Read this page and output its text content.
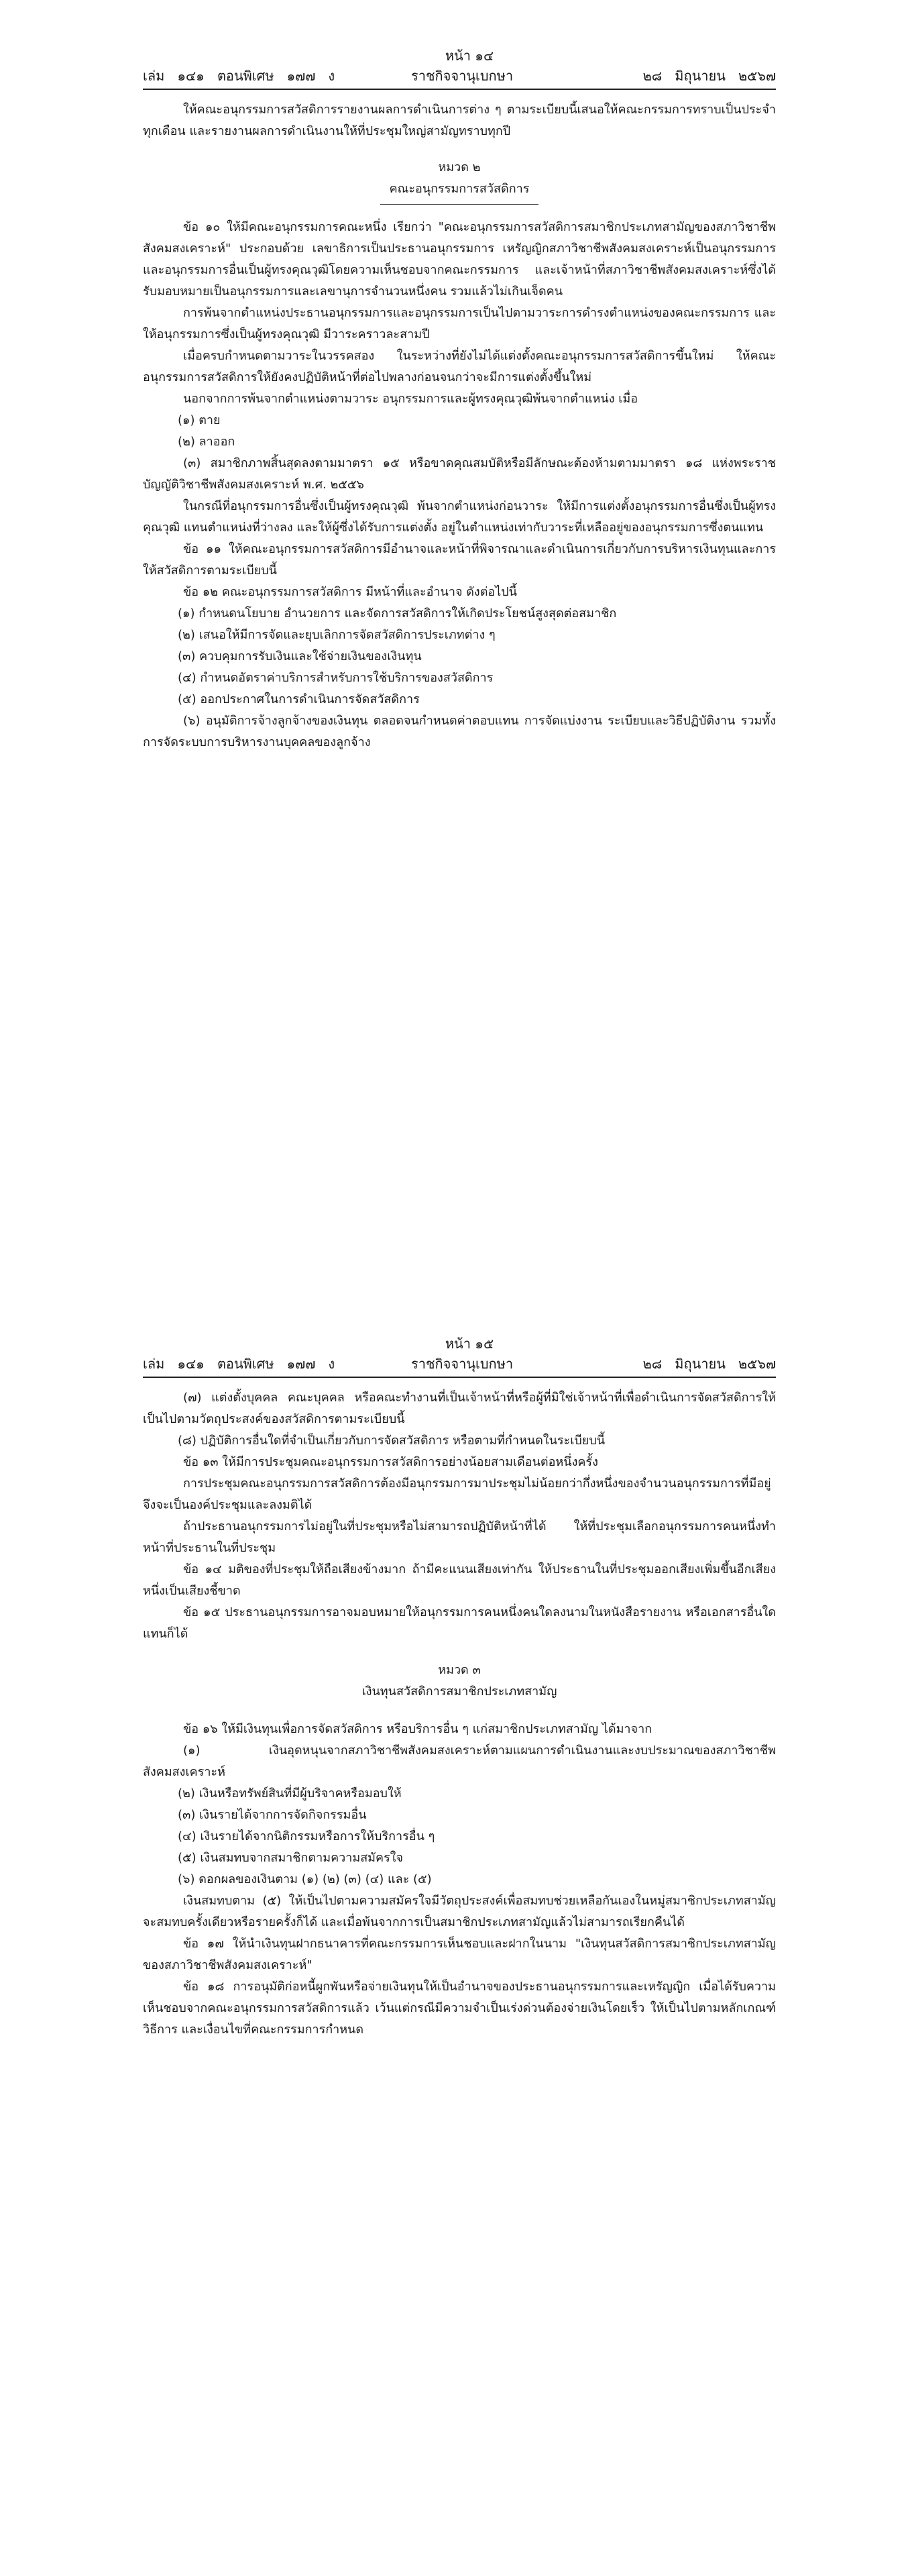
หน้า ๑๔
เล่ม   ๑๔๑   ตอนพิเศษ   ๑๗๗   ง	ราชกิจจานุเบกษา	๒๘   มิถุนายน   ๒๕๖๗

ให้คณะอนุกรรมการสวัสดิการรายงานผลการดำเนินการต่าง ๆ ตามระเบียบนี้เสนอให้คณะกรรมการทราบเป็นประจำทุกเดือน และรายงานผลการดำเนินงานให้ที่ประชุมใหญ่สามัญทราบทุกปี

หมวด ๒
คณะอนุกรรมการสวัสดิการ

ข้อ ๑๐ ให้มีคณะอนุกรรมการคณะหนึ่ง เรียกว่า "คณะอนุกรรมการสวัสดิการสมาชิกประเภทสามัญของสภาวิชาชีพสังคมสงเคราะห์" ประกอบด้วย เลขาธิการเป็นประธานอนุกรรมการ เหรัญญิกสภาวิชาชีพสังคมสงเคราะห์เป็นอนุกรรมการ และอนุกรรมการอื่นเป็นผู้ทรงคุณวุฒิโดยความเห็นชอบจากคณะกรรมการ และเจ้าหน้าที่สภาวิชาชีพสังคมสงเคราะห์ซึ่งได้รับมอบหมายเป็นอนุกรรมการและเลขานุการจำนวนหนึ่งคน รวมแล้วไม่เกินเจ็ดคน

การพ้นจากตำแหน่งประธานอนุกรรมการและอนุกรรมการเป็นไปตามวาระการดำรงตำแหน่งของคณะกรรมการ และให้อนุกรรมการซึ่งเป็นผู้ทรงคุณวุฒิ มีวาระคราวละสามปี

เมื่อครบกำหนดตามวาระในวรรคสอง ในระหว่างที่ยังไม่ได้แต่งตั้งคณะอนุกรรมการสวัสดิการขึ้นใหม่ ให้คณะอนุกรรมการสวัสดิการให้ยังคงปฏิบัติหน้าที่ต่อไปพลางก่อนจนกว่าจะมีการแต่งตั้งขึ้นใหม่

นอกจากการพ้นจากตำแหน่งตามวาระ อนุกรรมการและผู้ทรงคุณวุฒิพ้นจากตำแหน่ง เมื่อ

(๑) ตาย

(๒) ลาออก

(๓) สมาชิกภาพสิ้นสุดลงตามมาตรา ๑๕ หรือขาดคุณสมบัติหรือมีลักษณะต้องห้ามตามมาตรา ๑๘ แห่งพระราชบัญญัติวิชาชีพสังคมสงเคราะห์ พ.ศ. ๒๕๕๖

ในกรณีที่อนุกรรมการอื่นซึ่งเป็นผู้ทรงคุณวุฒิ พ้นจากตำแหน่งก่อนวาระ ให้มีการแต่งตั้งอนุกรรมการอื่นซึ่งเป็นผู้ทรงคุณวุฒิ แทนตำแหน่งที่ว่างลง และให้ผู้ซึ่งได้รับการแต่งตั้ง อยู่ในตำแหน่งเท่ากับวาระที่เหลืออยู่ของอนุกรรมการซึ่งตนแทน

ข้อ ๑๑ ให้คณะอนุกรรมการสวัสดิการมีอำนาจและหน้าที่พิจารณาและดำเนินการเกี่ยวกับการบริหารเงินทุนและการให้สวัสดิการตามระเบียบนี้

ข้อ ๑๒ คณะอนุกรรมการสวัสดิการ มีหน้าที่และอำนาจ ดังต่อไปนี้

(๑) กำหนดนโยบาย อำนวยการ และจัดการสวัสดิการให้เกิดประโยชน์สูงสุดต่อสมาชิก

(๒) เสนอให้มีการจัดและยุบเลิกการจัดสวัสดิการประเภทต่าง ๆ

(๓) ควบคุมการรับเงินและใช้จ่ายเงินของเงินทุน

(๔) กำหนดอัตราค่าบริการสำหรับการใช้บริการของสวัสดิการ

(๕) ออกประกาศในการดำเนินการจัดสวัสดิการ

(๖) อนุมัติการจ้างลูกจ้างของเงินทุน ตลอดจนกำหนดค่าตอบแทน การจัดแบ่งงาน ระเบียบและวิธีปฏิบัติงาน รวมทั้งการจัดระบบการบริหารงานบุคคลของลูกจ้าง

หน้า ๑๕
เล่ม   ๑๔๑   ตอนพิเศษ   ๑๗๗   ง	ราชกิจจานุเบกษา	๒๘   มิถุนายน   ๒๕๖๗

(๗) แต่งตั้งบุคคล คณะบุคคล หรือคณะทำงานที่เป็นเจ้าหน้าที่หรือผู้ที่มิใช่เจ้าหน้าที่เพื่อดำเนินการจัดสวัสดิการให้เป็นไปตามวัตถุประสงค์ของสวัสดิการตามระเบียบนี้

(๘) ปฏิบัติการอื่นใดที่จำเป็นเกี่ยวกับการจัดสวัสดิการ หรือตามที่กำหนดในระเบียบนี้

ข้อ ๑๓ ให้มีการประชุมคณะอนุกรรมการสวัสดิการอย่างน้อยสามเดือนต่อหนึ่งครั้ง

การประชุมคณะอนุกรรมการสวัสดิการต้องมีอนุกรรมการมาประชุมไม่น้อยกว่ากึ่งหนึ่งของจำนวนอนุกรรมการที่มีอยู่ จึงจะเป็นองค์ประชุมและลงมติได้

ถ้าประธานอนุกรรมการไม่อยู่ในที่ประชุมหรือไม่สามารถปฏิบัติหน้าที่ได้ ให้ที่ประชุมเลือกอนุกรรมการคนหนึ่งทำหน้าที่ประธานในที่ประชุม

ข้อ ๑๔ มติของที่ประชุมให้ถือเสียงข้างมาก ถ้ามีคะแนนเสียงเท่ากัน ให้ประธานในที่ประชุมออกเสียงเพิ่มขึ้นอีกเสียงหนึ่งเป็นเสียงชี้ขาด

ข้อ ๑๕ ประธานอนุกรรมการอาจมอบหมายให้อนุกรรมการคนหนึ่งคนใดลงนามในหนังสือรายงาน หรือเอกสารอื่นใดแทนก็ได้

หมวด ๓
เงินทุนสวัสดิการสมาชิกประเภทสามัญ

ข้อ ๑๖ ให้มีเงินทุนเพื่อการจัดสวัสดิการ หรือบริการอื่น ๆ แก่สมาชิกประเภทสามัญ ได้มาจาก

(๑) เงินอุดหนุนจากสภาวิชาชีพสังคมสงเคราะห์ตามแผนการดำเนินงานและงบประมาณของสภาวิชาชีพสังคมสงเคราะห์

(๒) เงินหรือทรัพย์สินที่มีผู้บริจาคหรือมอบให้

(๓) เงินรายได้จากการจัดกิจกรรมอื่น

(๔) เงินรายได้จากนิติกรรมหรือการให้บริการอื่น ๆ

(๕) เงินสมทบจากสมาชิกตามความสมัครใจ

(๖) ดอกผลของเงินตาม (๑) (๒) (๓) (๔) และ (๕)

เงินสมทบตาม (๕) ให้เป็นไปตามความสมัครใจมีวัตถุประสงค์เพื่อสมทบช่วยเหลือกันเองในหมู่สมาชิกประเภทสามัญ จะสมทบครั้งเดียวหรือรายครั้งก็ได้ และเมื่อพ้นจากการเป็นสมาชิกประเภทสามัญแล้วไม่สามารถเรียกคืนได้

ข้อ ๑๗ ให้นำเงินทุนฝากธนาคารที่คณะกรรมการเห็นชอบและฝากในนาม "เงินทุนสวัสดิการสมาชิกประเภทสามัญของสภาวิชาชีพสังคมสงเคราะห์"

ข้อ ๑๘ การอนุมัติก่อหนี้ผูกพันหรือจ่ายเงินทุนให้เป็นอำนาจของประธานอนุกรรมการและเหรัญญิก เมื่อได้รับความเห็นชอบจากคณะอนุกรรมการสวัสดิการแล้ว เว้นแต่กรณีมีความจำเป็นเร่งด่วนต้องจ่ายเงินโดยเร็ว ให้เป็นไปตามหลักเกณฑ์ วิธีการ และเงื่อนไขที่คณะกรรมการกำหนด
